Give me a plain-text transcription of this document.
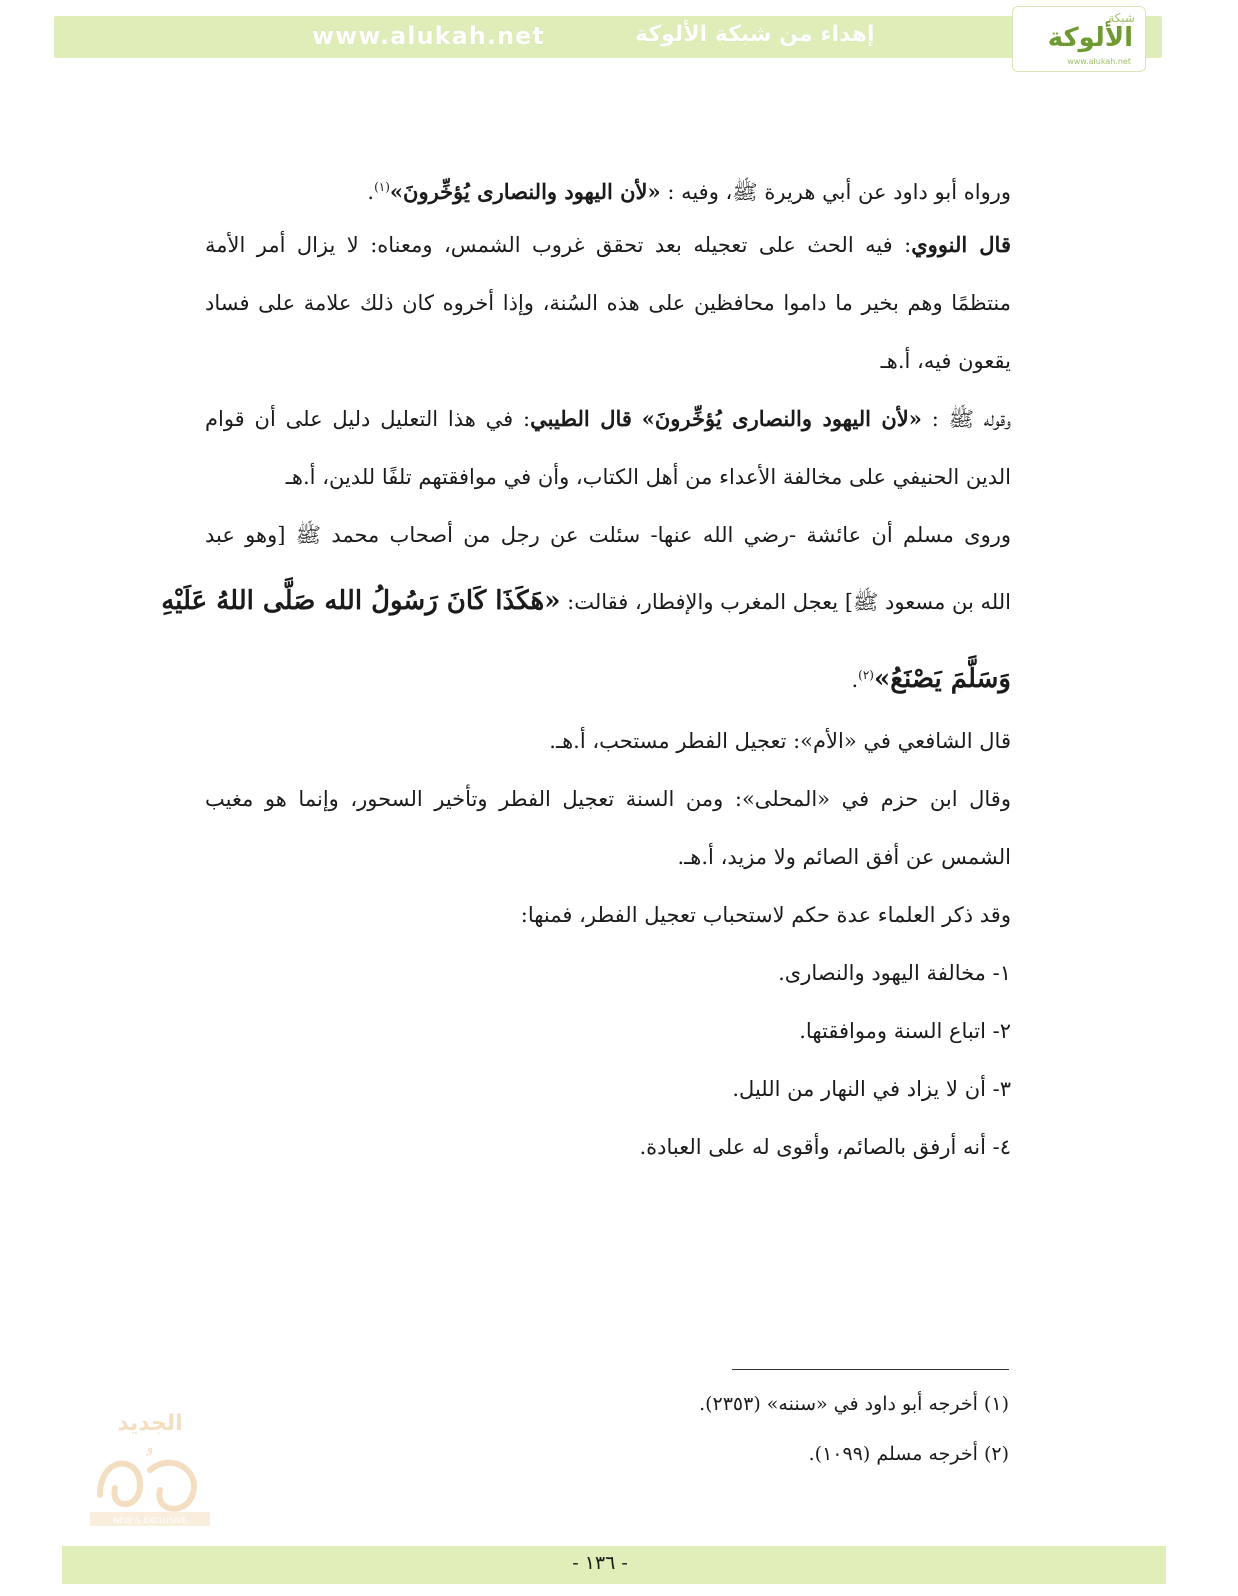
www.alukah.net	إهداء من شبكة الألوكة
شبكة
الألوكة
www.alukah.net
ورواه أبو داود عن أبي هريرة ﷺ، وفيه : «لأن اليهود والنصارى يُؤخِّرونَ»$^{(١)}$.
قال النووي: فيه الحث على تعجيله بعد تحقق غروب الشمس، ومعناه: لا يزال أمر الأمة
منتظمًا وهم بخير ما داموا محافظين على هذه السُنة، وإذا أخروه كان ذلك علامة على فساد
يقعون فيه، أ.هـ
وقوله ﷺ : «لأن اليهود والنصارى يُؤخِّرونَ» قال الطيبي: في هذا التعليل دليل على أن قوام
الدين الحنيفي على مخالفة الأعداء من أهل الكتاب، وأن في موافقتهم تلفًا للدين، أ.هـ
وروى مسلم أن عائشة -رضي الله عنها- سئلت عن رجل من أصحاب محمد ﷺ [وهو عبد
الله بن مسعود ﷺ] يعجل المغرب والإفطار، فقالت: «هَكَذَا كَانَ رَسُولُ الله صَلَّى اللهُ عَلَيْهِ
وَسَلَّمَ يَصْنَعُ»$^{(٢)}$.
قال الشافعي في «الأم»: تعجيل الفطر مستحب، أ.هـ.
وقال ابن حزم في «المحلى»: ومن السنة تعجيل الفطر وتأخير السحور، وإنما هو مغيب
الشمس عن أفق الصائم ولا مزيد، أ.هـ.
وقد ذكر العلماء عدة حكم لاستحباب تعجيل الفطر، فمنها:
١- مخالفة اليهود والنصارى.
٢- اتباع السنة وموافقتها.
٣- أن لا يزاد في النهار من الليل.
٤- أنه أرفق بالصائم، وأقوى له على العبادة.
(١) أخرجه أبو داود في «سننه» (٢٣٥٣).
(٢) أخرجه مسلم (١٠٩٩).
الجديد
و
NEW & EXCLUSIVE
- ١٣٦ -
